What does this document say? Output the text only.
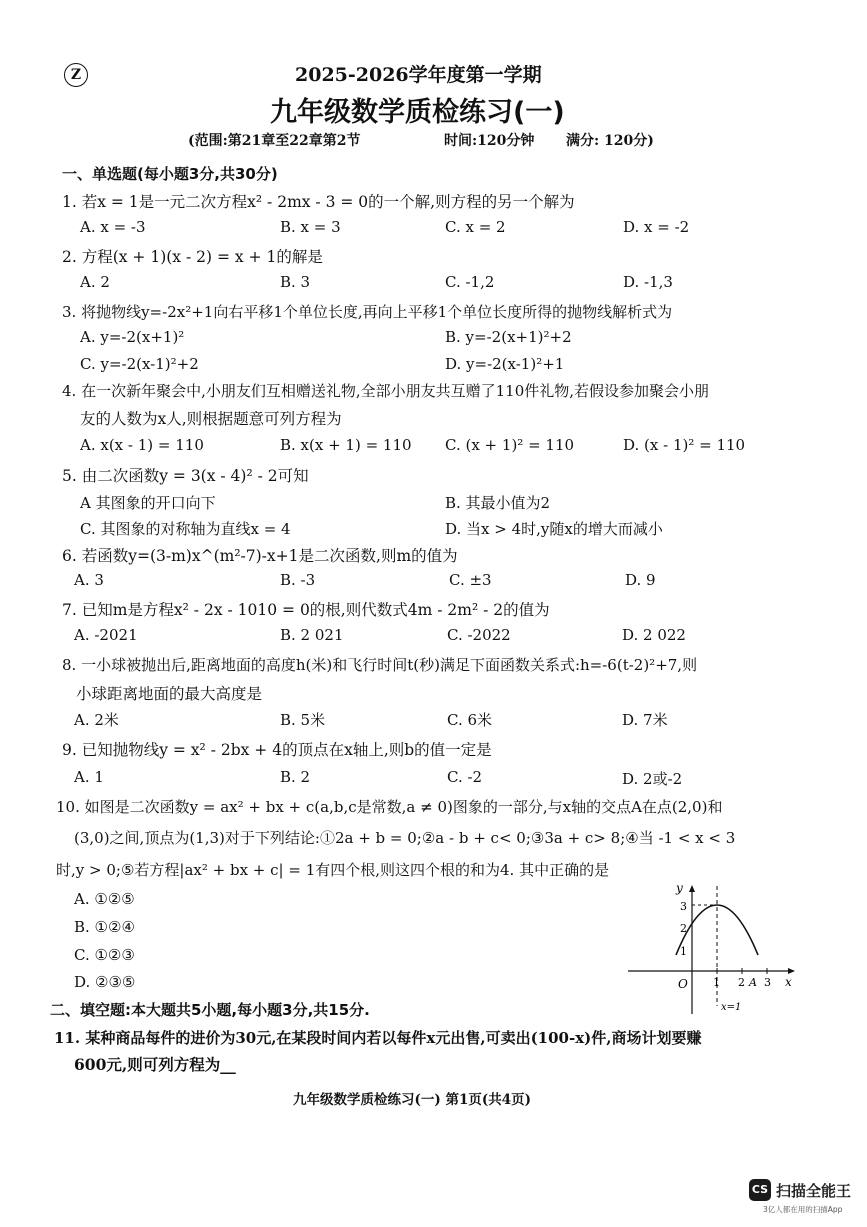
Z	2025-2026学年度第一学期
九年级数学质检练习(一)
(范围:第21章至22章第2节	时间:120分钟 满分: 120分)
一、单选题(每小题3分,共30分)
1. 若x = 1是一元二次方程x² - 2mx - 3 = 0的一个解,则方程的另一个解为
A. x = -3	B. x = 3	C. x = 2	D. x = -2
2. 方程(x + 1)(x - 2) = x + 1的解是
A. 2	B. 3	C. -1,2	D. -1,3
3. 将抛物线y=-2x²+1向右平移1个单位长度,再向上平移1个单位长度所得的抛物线解析式为
A. y=-2(x+1)²	B. y=-2(x+1)²+2
C. y=-2(x-1)²+2	D. y=-2(x-1)²+1
4. 在一次新年聚会中,小朋友们互相赠送礼物,全部小朋友共互赠了110件礼物,若假设参加聚会小朋
友的人数为x人,则根据题意可列方程为
A. x(x - 1) = 110	B. x(x + 1) = 110 C. (x + 1)² = 110	D. (x - 1)² = 110
5. 由二次函数y = 3(x - 4)² - 2可知
A 其图象的开口向下	B. 其最小值为2
C. 其图象的对称轴为直线x = 4	D. 当x > 4时,y随x的增大而减小
6. 若函数y=(3-m)x^(m²-7)-x+1是二次函数,则m的值为
A. 3	B. -3	C. ±3	D. 9
7. 已知m是方程x² - 2x - 1010 = 0的根,则代数式4m - 2m² - 2的值为
A. -2021	B. 2 021	C. -2022	D. 2 022
8. 一小球被抛出后,距离地面的高度h(米)和飞行时间t(秒)满足下面函数关系式:h=-6(t-2)²+7,则
小球距离地面的最大高度是
A. 2米	B. 5米	C. 6米	D. 7米
9. 已知抛物线y = x² - 2bx + 4的顶点在x轴上,则b的值一定是
A. 1	B. 2	C. -2	D. 2或-2
10. 如图是二次函数y = ax² + bx + c(a,b,c是常数,a ≠ 0)图象的一部分,与x轴的交点A在点(2,0)和
(3,0)之间,顶点为(1,3)对于下列结论:①2a + b = 0;②a - b + c< 0;③3a + c> 8;④当 -1 < x < 3
时,y > 0;⑤若方程|ax² + bx + c| = 1有四个根,则这四个根的和为4. 其中正确的是
A. ①②⑤
B. ①②④
C. ①②③
D. ②③⑤
y
x
O
3
2
1
1 2 A 3
x=1
二、填空题:本大题共5小题,每小题3分,共15分.
11. 某种商品每件的进价为30元,在某段时间内若以每件x元出售,可卖出(100-x)件,商场计划要赚
600元,则可列方程为__
九年级数学质检练习(一) 第1页(共4页)
CS 扫描全能王
3亿人都在用的扫描App
